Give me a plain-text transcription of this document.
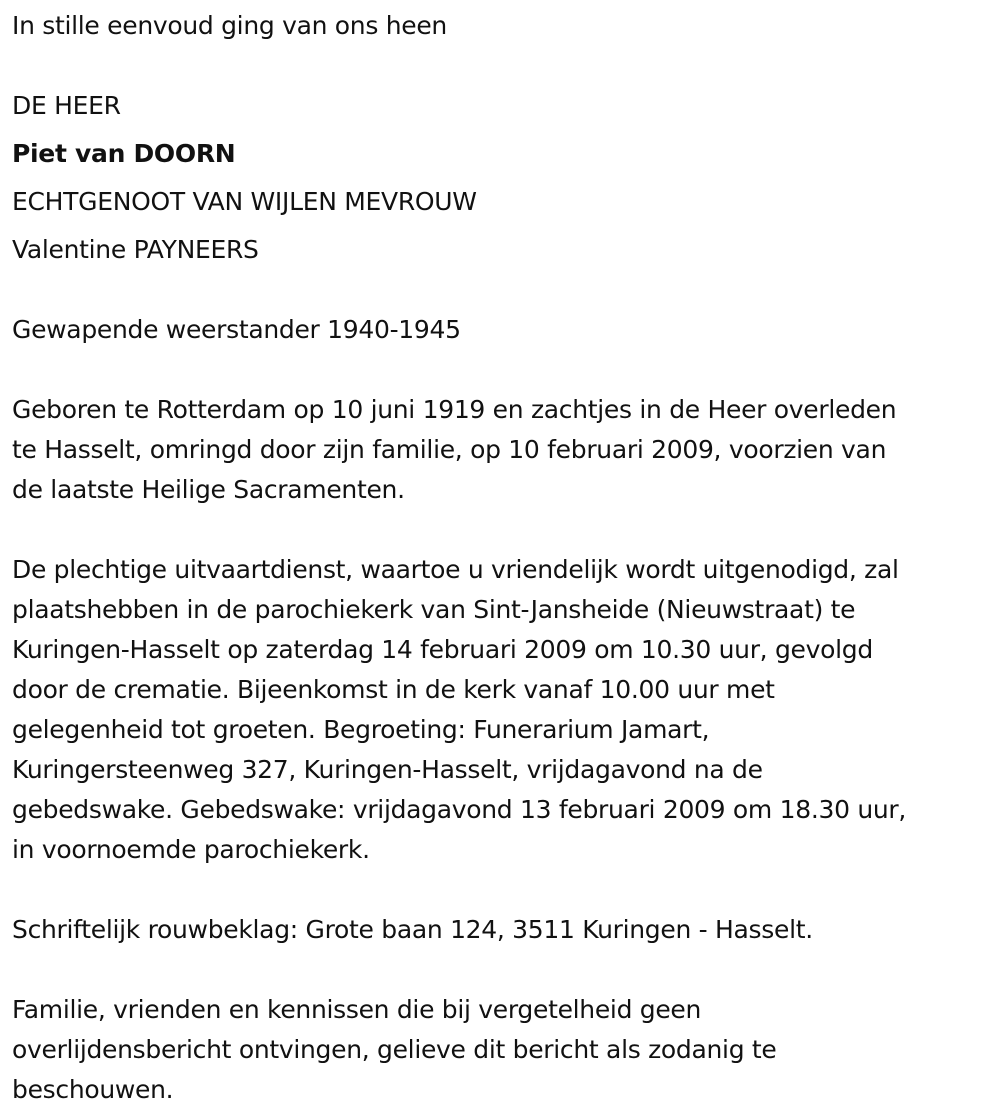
In stille eenvoud ging van ons heen

DE HEER

Piet van DOORN

ECHTGENOOT VAN WIJLEN MEVROUW

Valentine PAYNEERS

Gewapende weerstander 1940-1945

Geboren te Rotterdam op 10 juni 1919 en zachtjes in de Heer overleden

te Hasselt, omringd door zijn familie, op 10 februari 2009, voorzien van

de laatste Heilige Sacramenten.

De plechtige uitvaartdienst, waartoe u vriendelijk wordt uitgenodigd, zal

plaatshebben in de parochiekerk van Sint-Jansheide (Nieuwstraat) te

Kuringen-Hasselt op zaterdag 14 februari 2009 om 10.30 uur, gevolgd

door de crematie. Bijeenkomst in de kerk vanaf 10.00 uur met

gelegenheid tot groeten. Begroeting: Funerarium Jamart,

Kuringersteenweg 327, Kuringen-Hasselt, vrijdagavond na de

gebedswake. Gebedswake: vrijdagavond 13 februari 2009 om 18.30 uur,

in voornoemde parochiekerk.

Schriftelijk rouwbeklag: Grote baan 124, 3511 Kuringen - Hasselt.

Familie, vrienden en kennissen die bij vergetelheid geen

overlijdensbericht ontvingen, gelieve dit bericht als zodanig te

beschouwen.
